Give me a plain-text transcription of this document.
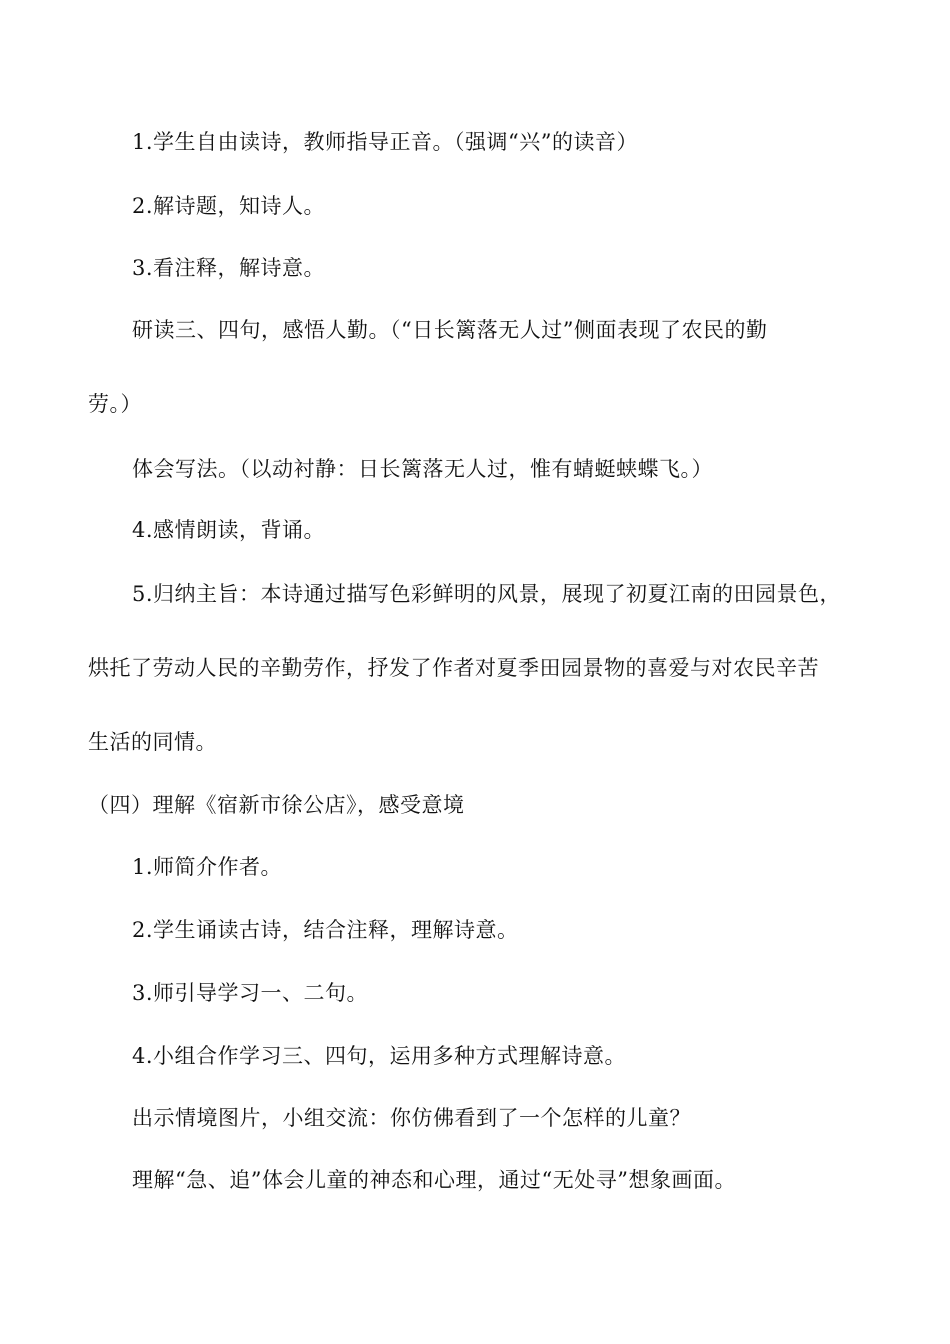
1.学生自由读诗，教师指导正音。（强调“兴”的读音）
2.解诗题，知诗人。
3.看注释，解诗意。
研读三、四句，感悟人勤。（“日长篱落无人过”侧面表现了农民的勤
劳。）
体会写法。（以动衬静：日长篱落无人过，惟有蜻蜓蛱蝶飞。）
4.感情朗读，背诵。
5.归纳主旨：本诗通过描写色彩鲜明的风景，展现了初夏江南的田园景色，
烘托了劳动人民的辛勤劳作，抒发了作者对夏季田园景物的喜爱与对农民辛苦
生活的同情。
（四）理解《宿新市徐公店》，感受意境
1.师简介作者。
2.学生诵读古诗，结合注释，理解诗意。
3.师引导学习一、二句。
4.小组合作学习三、四句，运用多种方式理解诗意。
出示情境图片，小组交流：你仿佛看到了一个怎样的儿童？
理解“急、追”体会儿童的神态和心理，通过“无处寻”想象画面。
